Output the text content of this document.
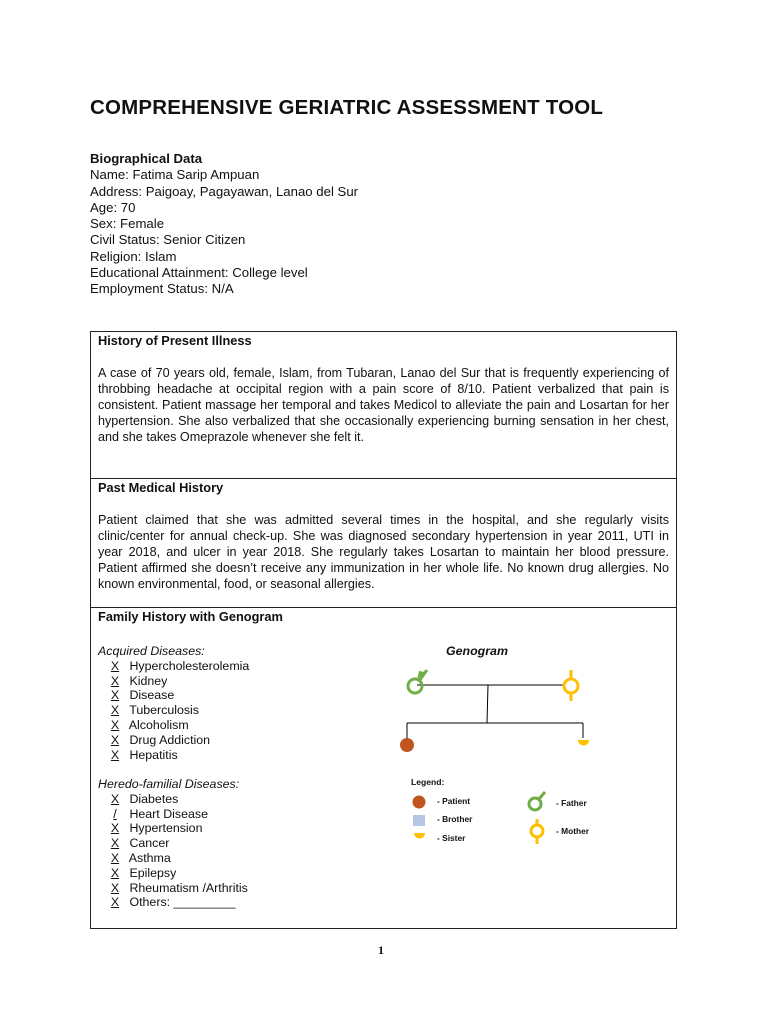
COMPREHENSIVE GERIATRIC ASSESSMENT TOOL
Biographical Data
Name: Fatima Sarip Ampuan
Address: Paigoay, Pagayawan, Lanao del Sur
Age: 70
Sex: Female
Civil Status: Senior Citizen
Religion: Islam
Educational Attainment: College level
Employment Status: N/A
History of Present Illness
A case of 70 years old, female, Islam, from Tubaran, Lanao del Sur that is frequently experiencing of throbbing headache at occipital region with a pain score of 8/10. Patient verbalized that pain is consistent. Patient massage her temporal and takes Medicol to alleviate the pain and Losartan for her hypertension. She also verbalized that she occasionally experiencing burning sensation in her chest, and she takes Omeprazole whenever she felt it.
Past Medical History
Patient claimed that she was admitted several times in the hospital, and she regularly visits clinic/center for annual check-up. She was diagnosed secondary hypertension in year 2011, UTI in year 2018, and ulcer in year 2018. She regularly takes Losartan to maintain her blood pressure. Patient affirmed she doesn’t receive any immunization in her whole life. No known drug allergies. No known environmental, food, or seasonal allergies.
Family History with Genogram
Acquired Diseases:
X Hypercholesterolemia
X Kidney
X Disease
X Tuberculosis
X Alcoholism
X Drug Addiction
X Hepatitis
Heredo-familial Diseases:
X Diabetes
/ Heart Disease
X Hypertension
X Cancer
X Asthma
X Epilepsy
X Rheumatism /Arthritis
X Others: _________
Genogram
Legend:
- Patient
- Brother
- Sister
- Father
- Mother
1
